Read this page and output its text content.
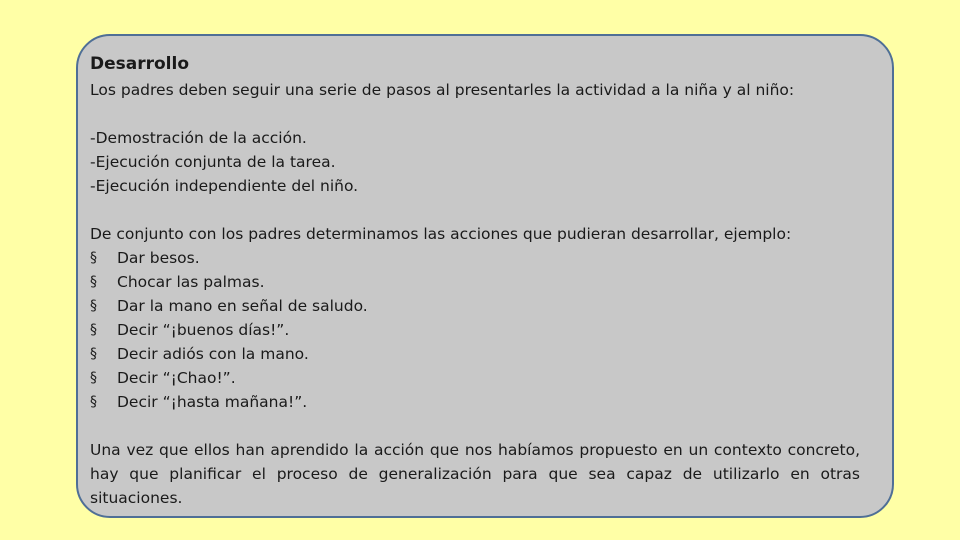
Desarrollo

Los padres deben seguir una serie de pasos al presentarles la actividad a la niña y al niño:

-Demostración de la acción.
-Ejecución conjunta de la tarea.
-Ejecución independiente del niño.

De conjunto con los padres determinamos las acciones que pudieran desarrollar, ejemplo:

§	Dar besos.
§	Chocar las palmas.
§	Dar la mano en señal de saludo.
§	Decir “¡buenos días!”.
§	Decir adiós con la mano.
§	Decir “¡Chao!”.
§	Decir “¡hasta mañana!”.

Una vez que ellos han aprendido la acción que nos habíamos propuesto en un contexto concreto, hay que planificar el proceso de generalización para que sea capaz de utilizarlo en otras situaciones.
